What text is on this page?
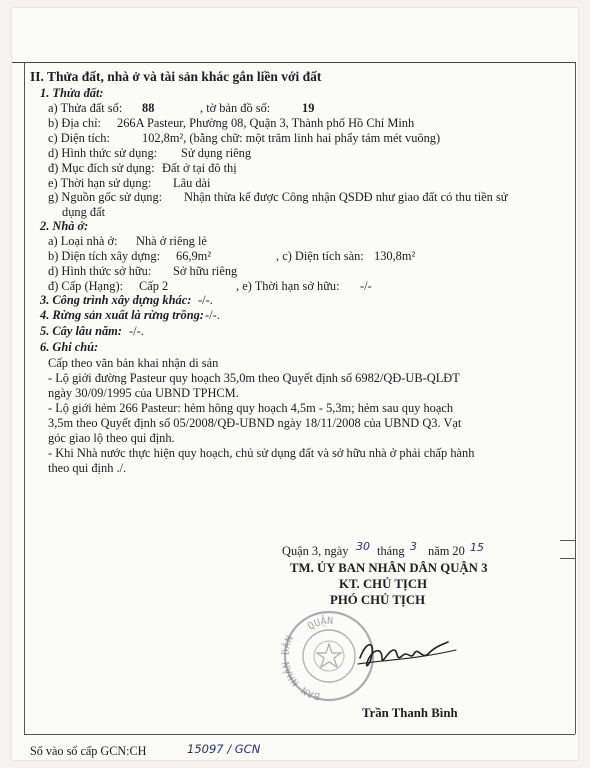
II. Thửa đất, nhà ở và tài sản khác gắn liền với đất
1. Thửa đất:
a) Thửa đất số: 88	, tờ bản đồ số:	19
b) Địa chỉ: 266A Pasteur, Phường 08, Quận 3, Thành phố Hồ Chí Minh
c) Diện tích:	102,8m², (bằng chữ: một trăm linh hai phẩy tám mét vuông)
d) Hình thức sử dụng: Sử dụng riêng
đ) Mục đích sử dụng: Đất ở tại đô thị
e) Thời hạn sử dụng: Lâu dài
g) Nguồn gốc sử dụng: Nhận thừa kế được Công nhận QSDĐ như giao đất có thu tiền sử
dụng đất
2. Nhà ở:
a) Loại nhà ở: Nhà ở riêng lẻ
b) Diện tích xây dựng: 66,9m²	, c) Diện tích sàn: 130,8m²
d) Hình thức sở hữu: Sở hữu riêng
đ) Cấp (Hạng): Cấp 2	, e) Thời hạn sở hữu: -/-
3. Công trình xây dựng khác: -/-.
4. Rừng sản xuất là rừng trồng: -/-.
5. Cây lâu năm: -/-.
6. Ghi chú:
Cấp theo văn bản khai nhận di sản
- Lộ giới đường Pasteur quy hoạch 35,0m theo Quyết định số 6982/QĐ-UB-QLĐT
ngày 30/09/1995 của UBND TPHCM.
- Lộ giới hẻm 266 Pasteur: hẻm hông quy hoạch 4,5m - 5,3m; hẻm sau quy hoạch
3,5m theo Quyết định số 05/2008/QĐ-UBND ngày 18/11/2008 của UBND Q3. Vạt
góc giao lộ theo qui định.
- Khi Nhà nước thực hiện quy hoạch, chủ sử dụng đất và sở hữu nhà ở phải chấp hành
theo qui định ./.
Quận 3, ngày 30 tháng 3 năm 20 15
TM. ỦY BAN NHÂN DÂN QUẬN 3
KT. CHỦ TỊCH
PHÓ CHỦ TỊCH
QUẬN
BAN NHÂN DÂN
Trần Thanh Bình
Số vào sổ cấp GCN:CH	15097 / GCN
